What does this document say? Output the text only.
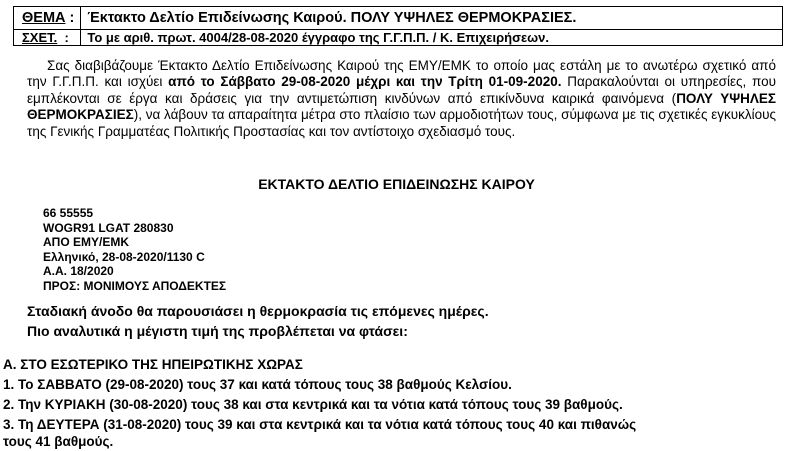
ΘΕΜΑ :	Έκτακτο Δελτίο Επιδείνωσης Καιρού. ΠΟΛΥ ΥΨΗΛΕΣ ΘΕΡΜΟΚΡΑΣΙΕΣ.
ΣΧΕΤ. :	Το με αριθ. πρωτ. 4004/28-08-2020 έγγραφο της Γ.Γ.Π.Π. / Κ. Επιχειρήσεων.
Σας διαβιβάζουμε Έκτακτο Δελτίο Επιδείνωσης Καιρού της ΕΜΥ/ΕΜΚ το οποίο μας εστάλη με το ανωτέρω σχετικό από την Γ.Γ.Π.Π. και ισχύει από το Σάββατο 29-08-2020 μέχρι και την Τρίτη 01-09-2020. Παρακαλούνται οι υπηρεσίες, που εμπλέκονται σε έργα και δράσεις για την αντιμετώπιση κινδύνων από επικίνδυνα καιρικά φαινόμενα (ΠΟΛΥ ΥΨΗΛΕΣ ΘΕΡΜΟΚΡΑΣΙΕΣ), να λάβουν τα απαραίτητα μέτρα στο πλαίσιο των αρμοδιοτήτων τους, σύμφωνα με τις σχετικές εγκυκλίους της Γενικής Γραμματέας Πολιτικής Προστασίας και τον αντίστοιχο σχεδιασμό τους.
ΕΚΤΑΚΤΟ ΔΕΛΤΙΟ ΕΠΙΔΕΙΝΩΣΗΣ ΚΑΙΡΟΥ
66 55555
WOGR91 LGAT 280830
ΑΠΟ ΕΜΥ/ΕΜΚ
Ελληνικό, 28-08-2020/1130 C
Α.Α. 18/2020
ΠΡΟΣ: ΜΟΝΙΜΟΥΣ ΑΠΟΔΕΚΤΕΣ
Σταδιακή άνοδο θα παρουσιάσει η θερμοκρασία τις επόμενες ημέρες.
Πιο αναλυτικά η μέγιστη τιμή της προβλέπεται να φτάσει:
Α. ΣΤΟ ΕΣΩΤΕΡΙΚΟ ΤΗΣ ΗΠΕΙΡΩΤΙΚΗΣ ΧΩΡΑΣ
1. Το ΣΑΒΒΑΤΟ (29-08-2020) τους 37 και κατά τόπους τους 38 βαθμούς Κελσίου.
2. Την ΚΥΡΙΑΚΗ (30-08-2020) τους 38 και στα κεντρικά και τα νότια κατά τόπους τους 39 βαθμούς.
3. Τη ΔΕΥΤΕΡΑ (31-08-2020) τους 39 και στα κεντρικά και τα νότια κατά τόπους τους 40 και πιθανώς
τους 41 βαθμούς.
